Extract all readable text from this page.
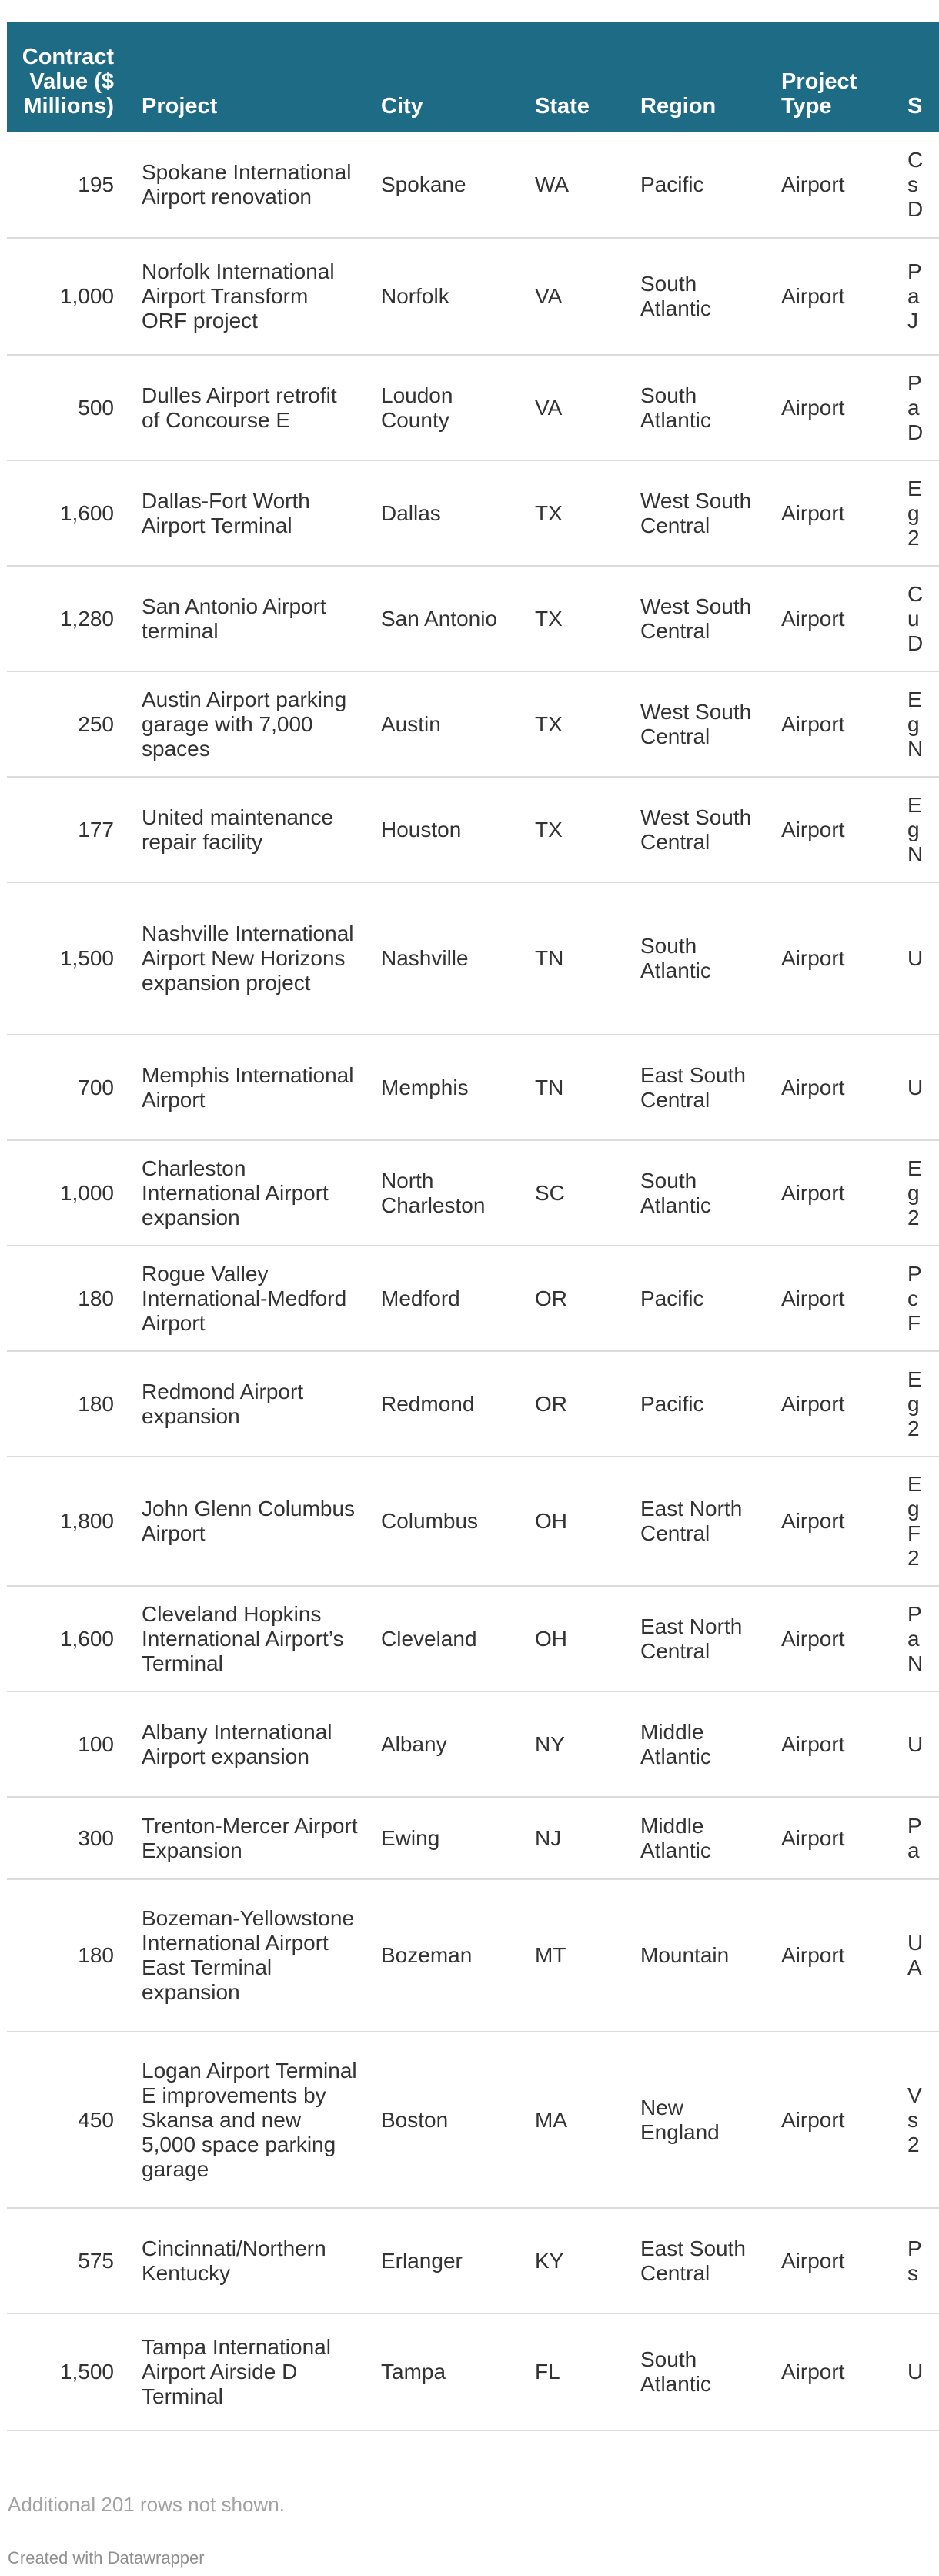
Contract Value ($ Millions)	Project	City	State	Region	Project Type	S
195	Spokane International Airport renovation	Spokane	WA	Pacific	Airport	C
s
D
1,000	Norfolk International Airport Transform ORF project	Norfolk	VA	South Atlantic	Airport	P
a
J
500	Dulles Airport retrofit of Concourse E	Loudon County	VA	South Atlantic	Airport	P
a
D
1,600	Dallas-Fort Worth Airport Terminal	Dallas	TX	West South Central	Airport	E
g
2
1,280	San Antonio Airport terminal	San Antonio	TX	West South Central	Airport	C
u
D
250	Austin Airport parking garage with 7,000 spaces	Austin	TX	West South Central	Airport	E
g
N
177	United maintenance repair facility	Houston	TX	West South Central	Airport	E
g
N
1,500	Nashville International Airport New Horizons expansion project	Nashville	TN	South Atlantic	Airport	U
700	Memphis International Airport	Memphis	TN	East South Central	Airport	U
1,000	Charleston International Airport expansion	North Charleston	SC	South Atlantic	Airport	E
g
2
180	Rogue Valley International-Medford Airport	Medford	OR	Pacific	Airport	P
c
F
180	Redmond Airport expansion	Redmond	OR	Pacific	Airport	E
g
2
1,800	John Glenn Columbus Airport	Columbus	OH	East North Central	Airport	E
g
F
2
1,600	Cleveland Hopkins International Airport’s Terminal	Cleveland	OH	East North Central	Airport	P
a
N
100	Albany International Airport expansion	Albany	NY	Middle Atlantic	Airport	U
300	Trenton-Mercer Airport Expansion	Ewing	NJ	Middle Atlantic	Airport	P
a
180	Bozeman-Yellowstone International Airport East Terminal expansion	Bozeman	MT	Mountain	Airport	U
A
450	Logan Airport Terminal E improvements by Skansa and new 5,000 space parking garage	Boston	MA	New England	Airport	V
s
2
575	Cincinnati/Northern Kentucky	Erlanger	KY	East South Central	Airport	P
s
1,500	Tampa International Airport Airside D Terminal	Tampa	FL	South Atlantic	Airport	U
Additional 201 rows not shown.
Created with Datawrapper
